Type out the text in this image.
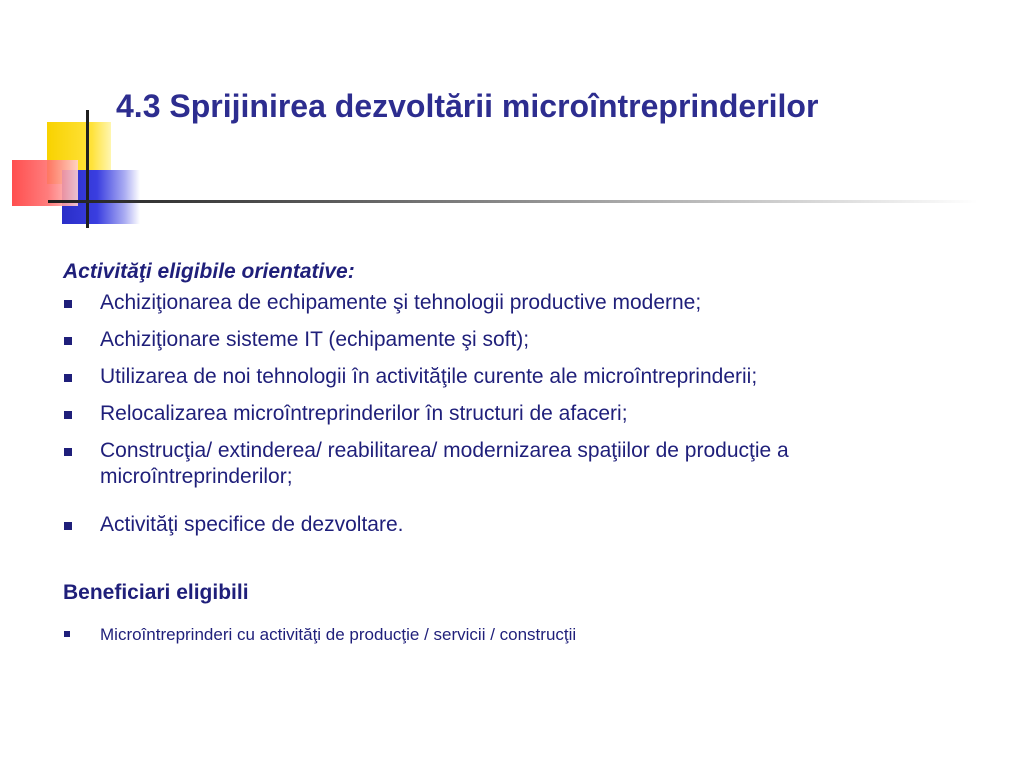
4.3 Sprijinirea dezvoltării microîntreprinderilor
Activităţi eligibile orientative:
Achiziţionarea de echipamente şi tehnologii productive moderne;
Achiziţionare sisteme IT (echipamente şi soft);
Utilizarea de noi tehnologii în activităţile curente ale microîntreprinderii;
Relocalizarea microîntreprinderilor în structuri de afaceri;
Construcţia/ extinderea/ reabilitarea/ modernizarea spaţiilor de producţie a microîntreprinderilor;
Activităţi specifice de dezvoltare.
Beneficiari eligibili
Microîntreprinderi cu activităţi de producţie / servicii / construcţii
